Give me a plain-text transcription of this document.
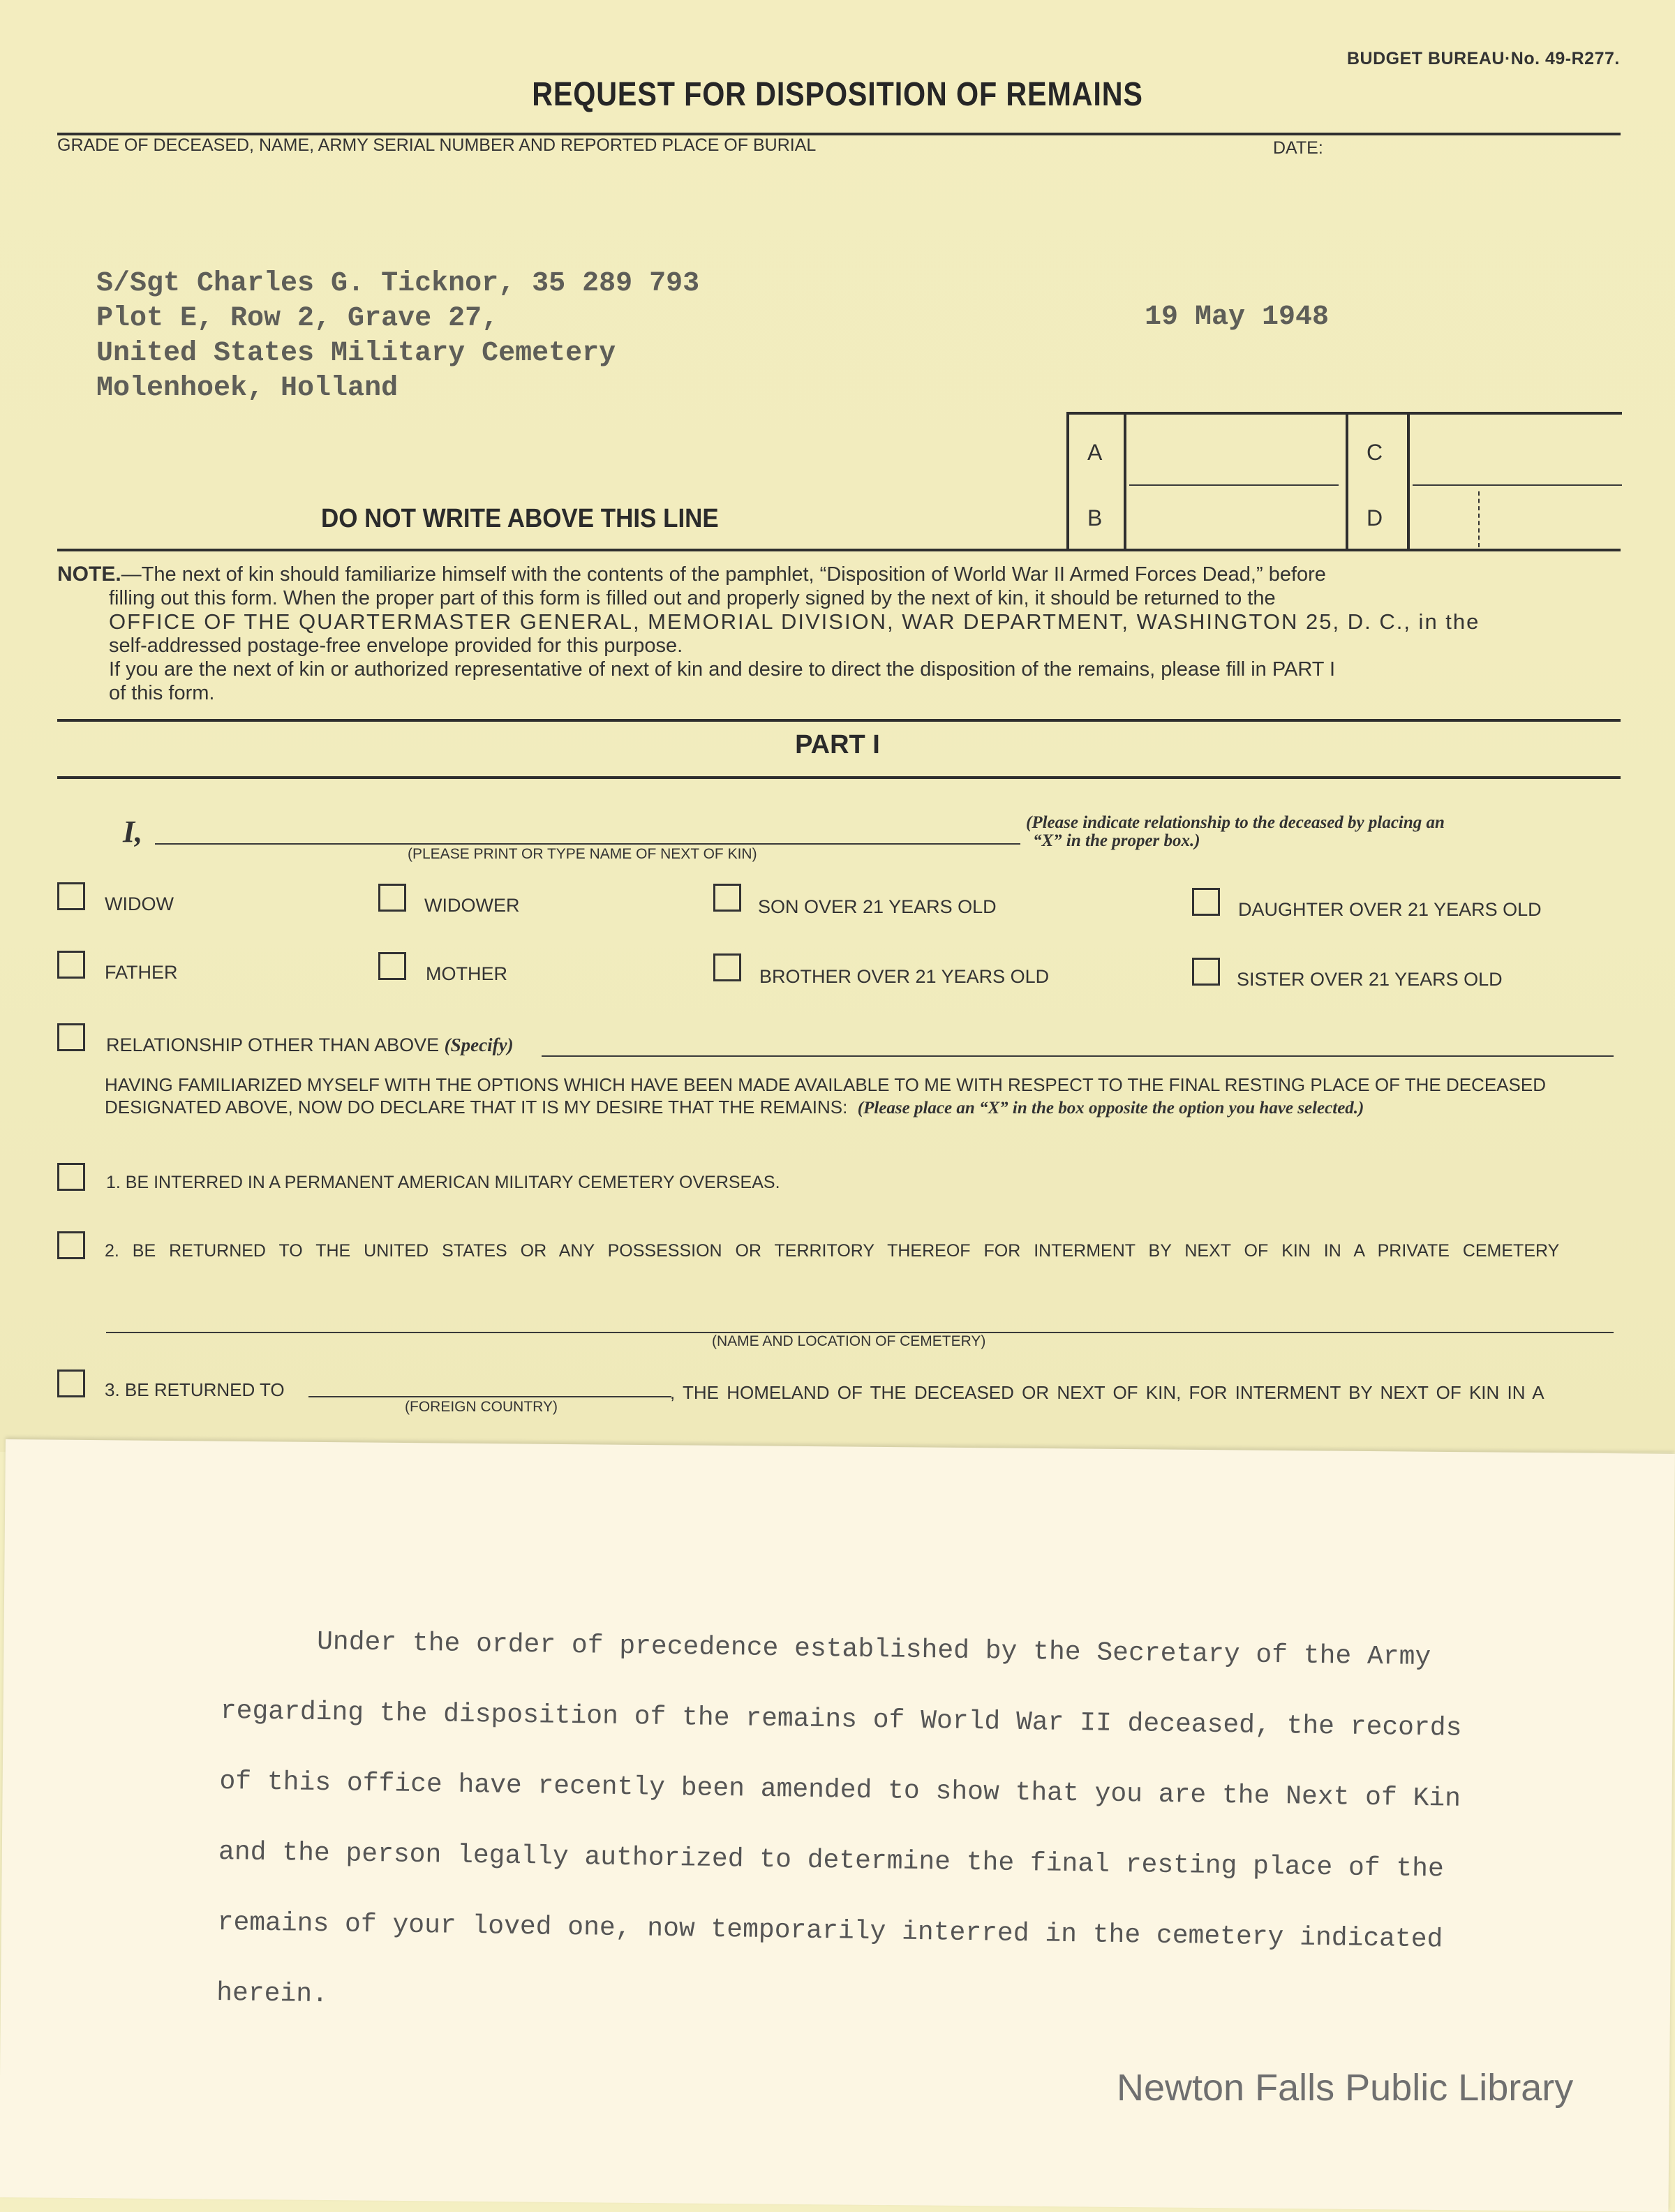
BUDGET BUREAU·No. 49-R277.
REQUEST FOR DISPOSITION OF REMAINS
GRADE OF DECEASED, NAME, ARMY SERIAL NUMBER AND REPORTED PLACE OF BURIAL	DATE:
S/Sgt Charles G. Ticknor, 35 289 793
Plot E, Row 2, Grave 27,
United States Military Cemetery
Molenhoek, Holland
19 May 1948
A
B
C
D
DO NOT WRITE ABOVE THIS LINE
NOTE.—The next of kin should familiarize himself with the contents of the pamphlet, “Disposition of World War II Armed Forces Dead,” before
filling out this form. When the proper part of this form is filled out and properly signed by the next of kin, it should be returned to the
OFFICE OF THE QUARTERMASTER GENERAL, MEMORIAL DIVISION, WAR DEPARTMENT, WASHINGTON 25, D. C., in the
self-addressed postage-free envelope provided for this purpose.
If you are the next of kin or authorized representative of next of kin and desire to direct the disposition of the remains, please fill in PART I
of this form.
PART I
I,
(PLEASE PRINT OR TYPE NAME OF NEXT OF KIN)
(Please indicate relationship to the deceased by placing an
“X” in the proper box.)
WIDOW	WIDOWER	SON OVER 21 YEARS OLD	DAUGHTER OVER 21 YEARS OLD
FATHER	MOTHER	BROTHER OVER 21 YEARS OLD	SISTER OVER 21 YEARS OLD
RELATIONSHIP OTHER THAN ABOVE (Specify)
HAVING FAMILIARIZED MYSELF WITH THE OPTIONS WHICH HAVE BEEN MADE AVAILABLE TO ME WITH RESPECT TO THE FINAL RESTING PLACE OF THE DECEASED
DESIGNATED ABOVE, NOW DO DECLARE THAT IT IS MY DESIRE THAT THE REMAINS: (Please place an “X” in the box opposite the option you have selected.)
1. BE INTERRED IN A PERMANENT AMERICAN MILITARY CEMETERY OVERSEAS.
2. BE RETURNED TO THE UNITED STATES OR ANY POSSESSION OR TERRITORY THEREOF FOR INTERMENT BY NEXT OF KIN IN A PRIVATE CEMETERY
(NAME AND LOCATION OF CEMETERY)
3. BE RETURNED TO
(FOREIGN COUNTRY)
, THE HOMELAND OF THE DECEASED OR NEXT OF KIN, FOR INTERMENT BY NEXT OF KIN IN A

Under the order of precedence established by the Secretary of the Army

regarding the disposition of the remains of World War II deceased, the records

of this office have recently been amended to show that you are the Next of Kin

and the person legally authorized to determine the final resting place of the

remains of your loved one, now temporarily interred in the cemetery indicated

herein.

Newton Falls Public Library
